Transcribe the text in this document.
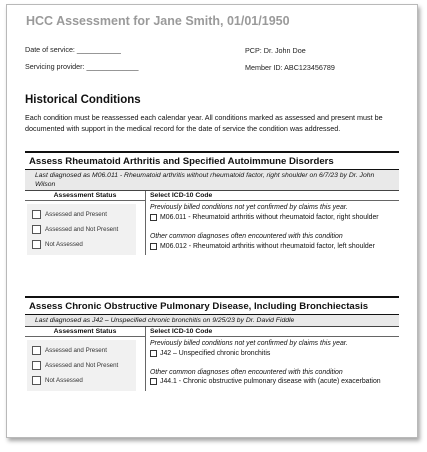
HCC Assessment for Jane Smith, 01/01/1950
Date of service: ___________
Servicing provider: _____________
PCP: Dr. John Doe
Member ID: ABC123456789
Historical Conditions
Each condition must be reassessed each calendar year. All conditions marked as assessed and present must be documented with support in the medical record for the date of service the condition was addressed.
Assess Rheumatoid Arthritis and Specified Autoimmune Disorders
Last diagnosed as M06.011 - Rheumatoid arthritis without rheumatoid factor, right shoulder on 6/7/23 by Dr. John Wilson
Assessment Status
Assessed and Present
Assessed and Not Present
Not Assessed
Select ICD-10 Code
Previously billed conditions not yet confirmed by claims this year.
M06.011 - Rheumatoid arthritis without rheumatoid factor, right shoulder
Other common diagnoses often encountered with this condition
M06.012 - Rheumatoid arthritis without rheumatoid factor, left shoulder
Assess Chronic Obstructive Pulmonary Disease, Including Bronchiectasis
Last diagnosed as J42 – Unspecified chronic bronchitis on 9/25/23 by Dr. David Fiddle
Assessment Status
Assessed and Present
Assessed and Not Present
Not Assessed
Select ICD-10 Code
Previously billed conditions not yet confirmed by claims this year.
J42 – Unspecified chronic bronchitis
Other common diagnoses often encountered with this condition
J44.1 - Chronic obstructive pulmonary disease with (acute) exacerbation
